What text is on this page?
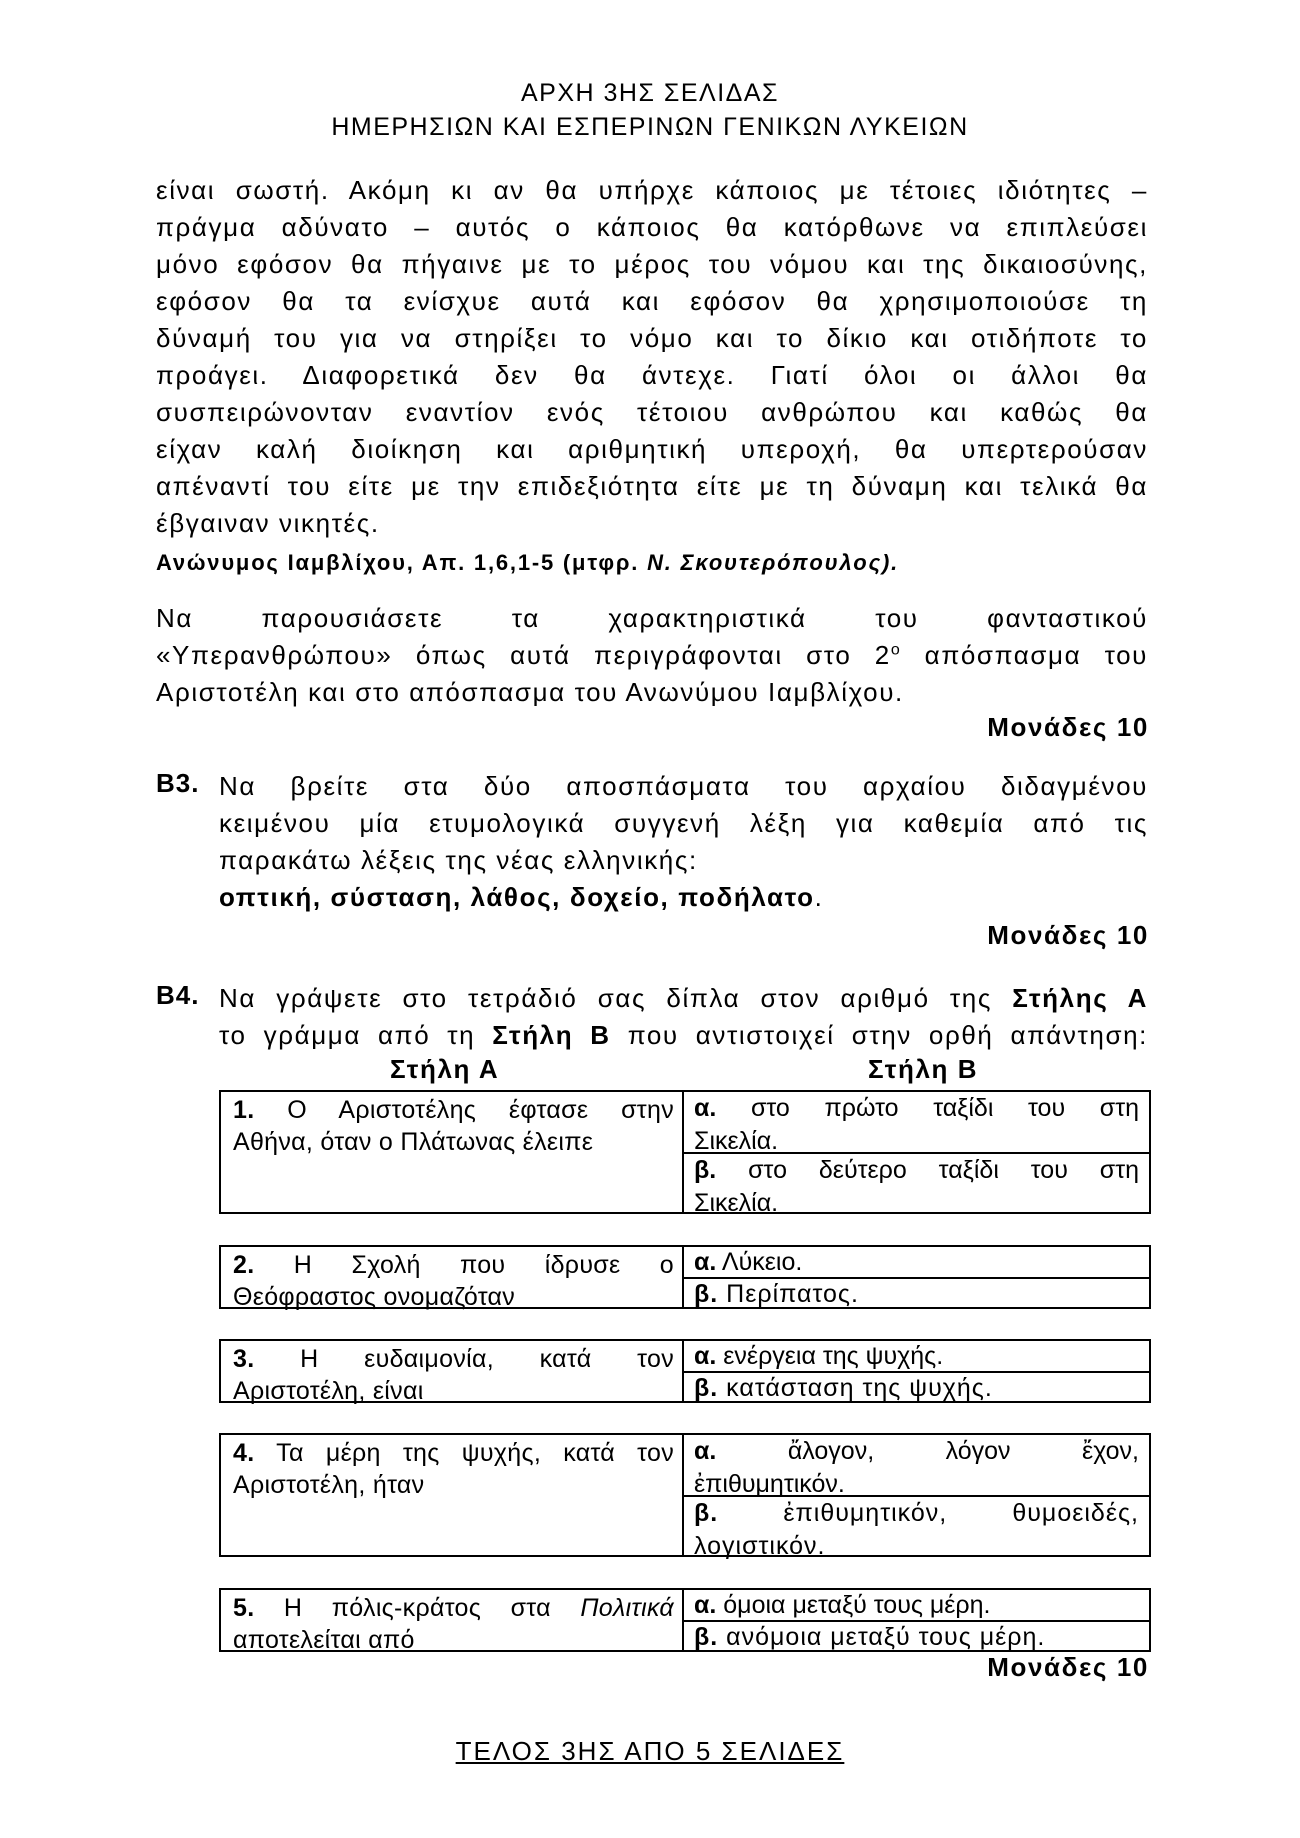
ΑΡΧΗ 3ΗΣ ΣΕΛΙΔΑΣ
ΗΜΕΡΗΣΙΩΝ ΚΑΙ ΕΣΠΕΡΙΝΩΝ ΓΕΝΙΚΩΝ ΛΥΚΕΙΩΝ
είναι σωστή. Ακόμη κι αν θα υπήρχε κάποιος με τέτοιες ιδιότητες –
πράγμα αδύνατο – αυτός ο κάποιος θα κατόρθωνε να επιπλεύσει
μόνο εφόσον θα πήγαινε με το μέρος του νόμου και της δικαιοσύνης,
εφόσον θα τα ενίσχυε αυτά και εφόσον θα χρησιμοποιούσε τη
δύναμή του για να στηρίξει το νόμο και το δίκιο και οτιδήποτε το
προάγει. Διαφορετικά δεν θα άντεχε. Γιατί όλοι οι άλλοι θα
συσπειρώνονταν εναντίον ενός τέτοιου ανθρώπου και καθώς θα
είχαν καλή διοίκηση και αριθμητική υπεροχή, θα υπερτερούσαν
απέναντί του είτε με την επιδεξιότητα είτε με τη δύναμη και τελικά θα
έβγαιναν νικητές.
Ανώνυμος Ιαμβλίχου, Απ. 1,6,1-5 (μτφρ. Ν. Σκουτερόπουλος).
Να παρουσιάσετε τα χαρακτηριστικά του φανταστικού
«Υπερανθρώπου» όπως αυτά περιγράφονται στο $2^o$ απόσπασμα του
Αριστοτέλη και στο απόσπασμα του Ανωνύμου Ιαμβλίχου.
Μονάδες 10
Β3. Να βρείτε στα δύο αποσπάσματα του αρχαίου διδαγμένου
κειμένου μία ετυμολογικά συγγενή λέξη για καθεμία από τις
παρακάτω λέξεις της νέας ελληνικής:
οπτική, σύσταση, λάθος, δοχείο, ποδήλατο.
Μονάδες 10
Β4. Να γράψετε στο τετράδιό σας δίπλα στον αριθμό της Στήλης Α
το γράμμα από τη Στήλη Β που αντιστοιχεί στην ορθή απάντηση:
Στήλη Α	Στήλη Β
1. Ο Αριστοτέλης έφτασε στην
Αθήνα, όταν ο Πλάτωνας έλειπε
α. στο πρώτο ταξίδι του στη
Σικελία.
β. στο δεύτερο ταξίδι του στη
Σικελία.
2. Η Σχολή που ίδρυσε ο
Θεόφραστος ονομαζόταν
α. Λύκειο.
β. Περίπατος.
3. Η ευδαιμονία, κατά τον
Αριστοτέλη, είναι
α. ενέργεια της ψυχής.
β. κατάσταση της ψυχής.
4. Τα μέρη της ψυχής, κατά τον
Αριστοτέλη, ήταν
α. ἄλογον, λόγον ἔχον,
ἐπιθυμητικόν.
β. ἐπιθυμητικόν, θυμοειδές,
λογιστικόν.
5. Η πόλις-κράτος στα Πολιτικά
αποτελείται από
α. όμοια μεταξύ τους μέρη.
β. ανόμοια μεταξύ τους μέρη.
Μονάδες 10
ΤΕΛΟΣ 3ΗΣ ΑΠΟ 5 ΣΕΛΙΔΕΣ
